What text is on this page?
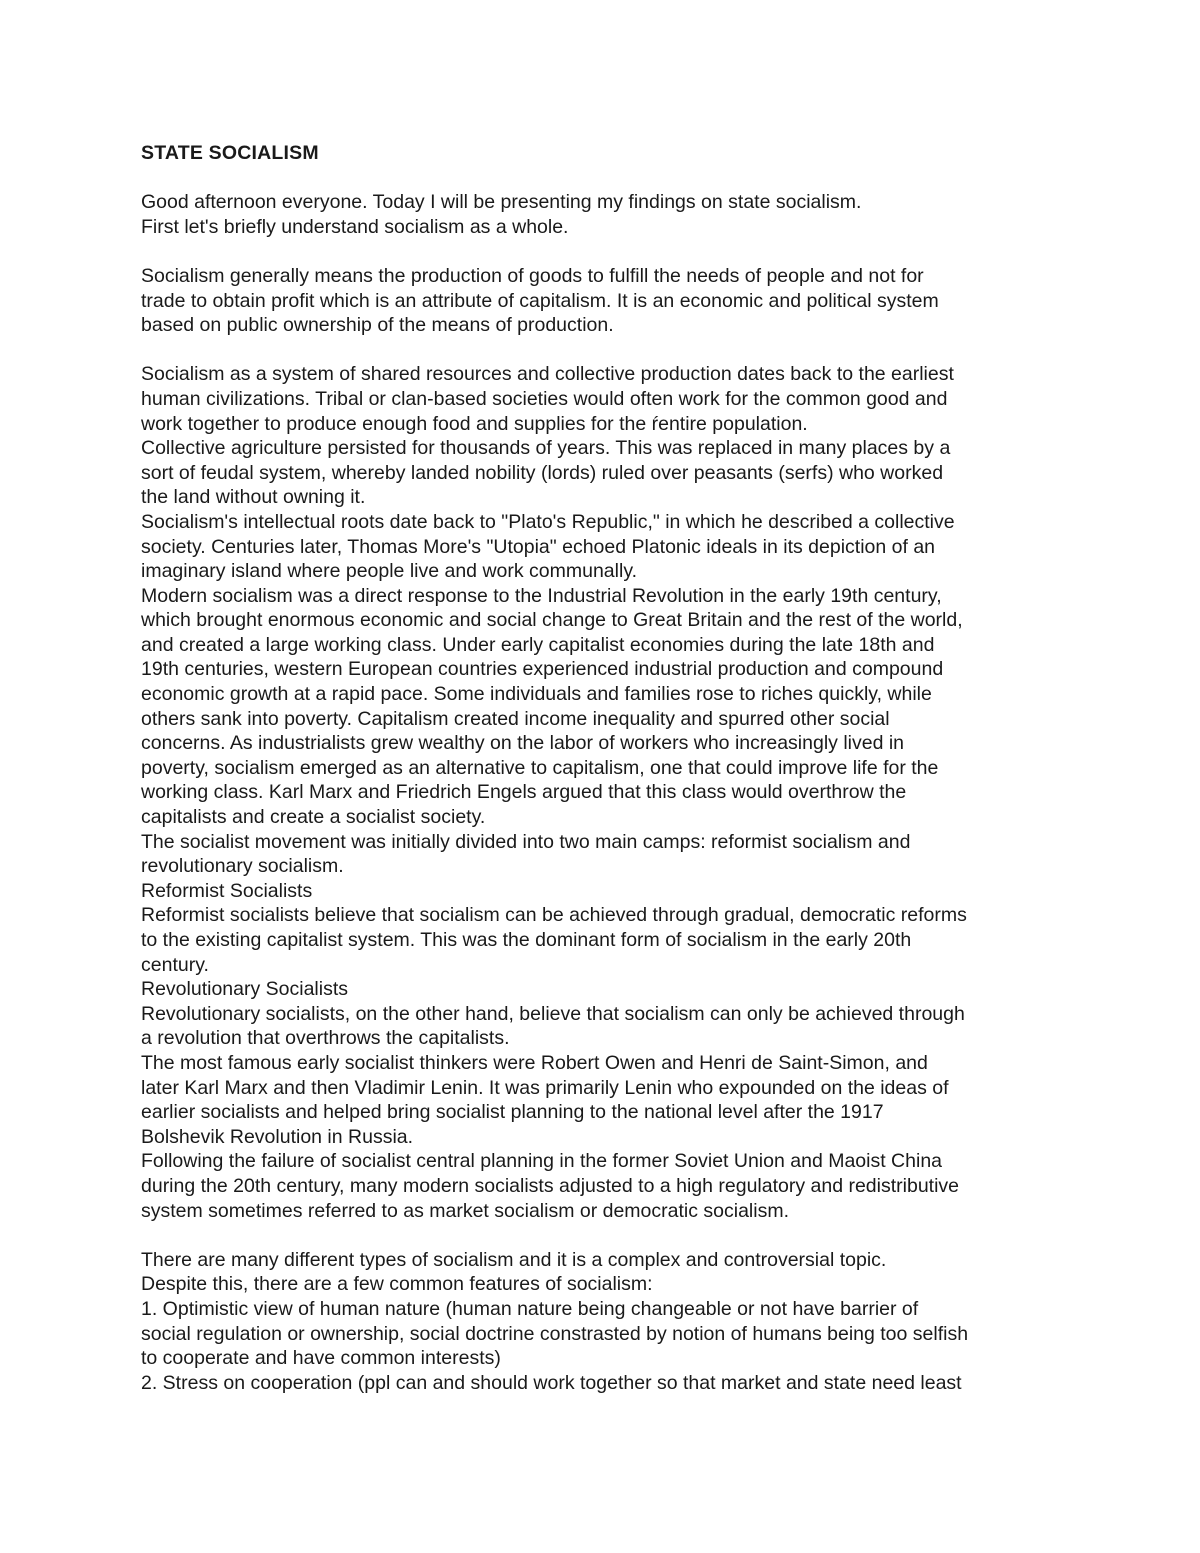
STATE SOCIALISM
Good afternoon everyone. Today I will be presenting my findings on state socialism.
First let's briefly understand socialism as a whole.
Socialism generally means the production of goods to fulfill the needs of people and not for
trade to obtain profit which is an attribute of capitalism. It is an economic and political system
based on public ownership of the means of production.
Socialism as a system of shared resources and collective production dates back to the earliest
human civilizations. Tribal or clan-based societies would often work for the common good and
work together to produce enough food and supplies for the ŕentire population.
Collective agriculture persisted for thousands of years. This was replaced in many places by a
sort of feudal system, whereby landed nobility (lords) ruled over peasants (serfs) who worked
the land without owning it.
Socialism's intellectual roots date back to "Plato's Republic," in which he described a collective
society. Centuries later, Thomas More's "Utopia" echoed Platonic ideals in its depiction of an
imaginary island where people live and work communally.
Modern socialism was a direct response to the Industrial Revolution in the early 19th century,
which brought enormous economic and social change to Great Britain and the rest of the world,
and created a large working class. Under early capitalist economies during the late 18th and
19th centuries, western European countries experienced industrial production and compound
economic growth at a rapid pace. Some individuals and families rose to riches quickly, while
others sank into poverty. Capitalism created income inequality and spurred other social
concerns. As industrialists grew wealthy on the labor of workers who increasingly lived in
poverty, socialism emerged as an alternative to capitalism, one that could improve life for the
working class. Karl Marx and Friedrich Engels argued that this class would overthrow the
capitalists and create a socialist society.
The socialist movement was initially divided into two main camps: reformist socialism and
revolutionary socialism.
Reformist Socialists
Reformist socialists believe that socialism can be achieved through gradual, democratic reforms
to the existing capitalist system. This was the dominant form of socialism in the early 20th
century.
Revolutionary Socialists
Revolutionary socialists, on the other hand, believe that socialism can only be achieved through
a revolution that overthrows the capitalists.
The most famous early socialist thinkers were Robert Owen and Henri de Saint-Simon, and
later Karl Marx and then Vladimir Lenin. It was primarily Lenin who expounded on the ideas of
earlier socialists and helped bring socialist planning to the national level after the 1917
Bolshevik Revolution in Russia.
Following the failure of socialist central planning in the former Soviet Union and Maoist China
during the 20th century, many modern socialists adjusted to a high regulatory and redistributive
system sometimes referred to as market socialism or democratic socialism.
There are many different types of socialism and it is a complex and controversial topic.
Despite this, there are a few common features of socialism:
1. Optimistic view of human nature (human nature being changeable or not have barrier of
social regulation or ownership, social doctrine constrasted by notion of humans being too selfish
to cooperate and have common interests)
2. Stress on cooperation (ppl can and should work together so that market and state need least
